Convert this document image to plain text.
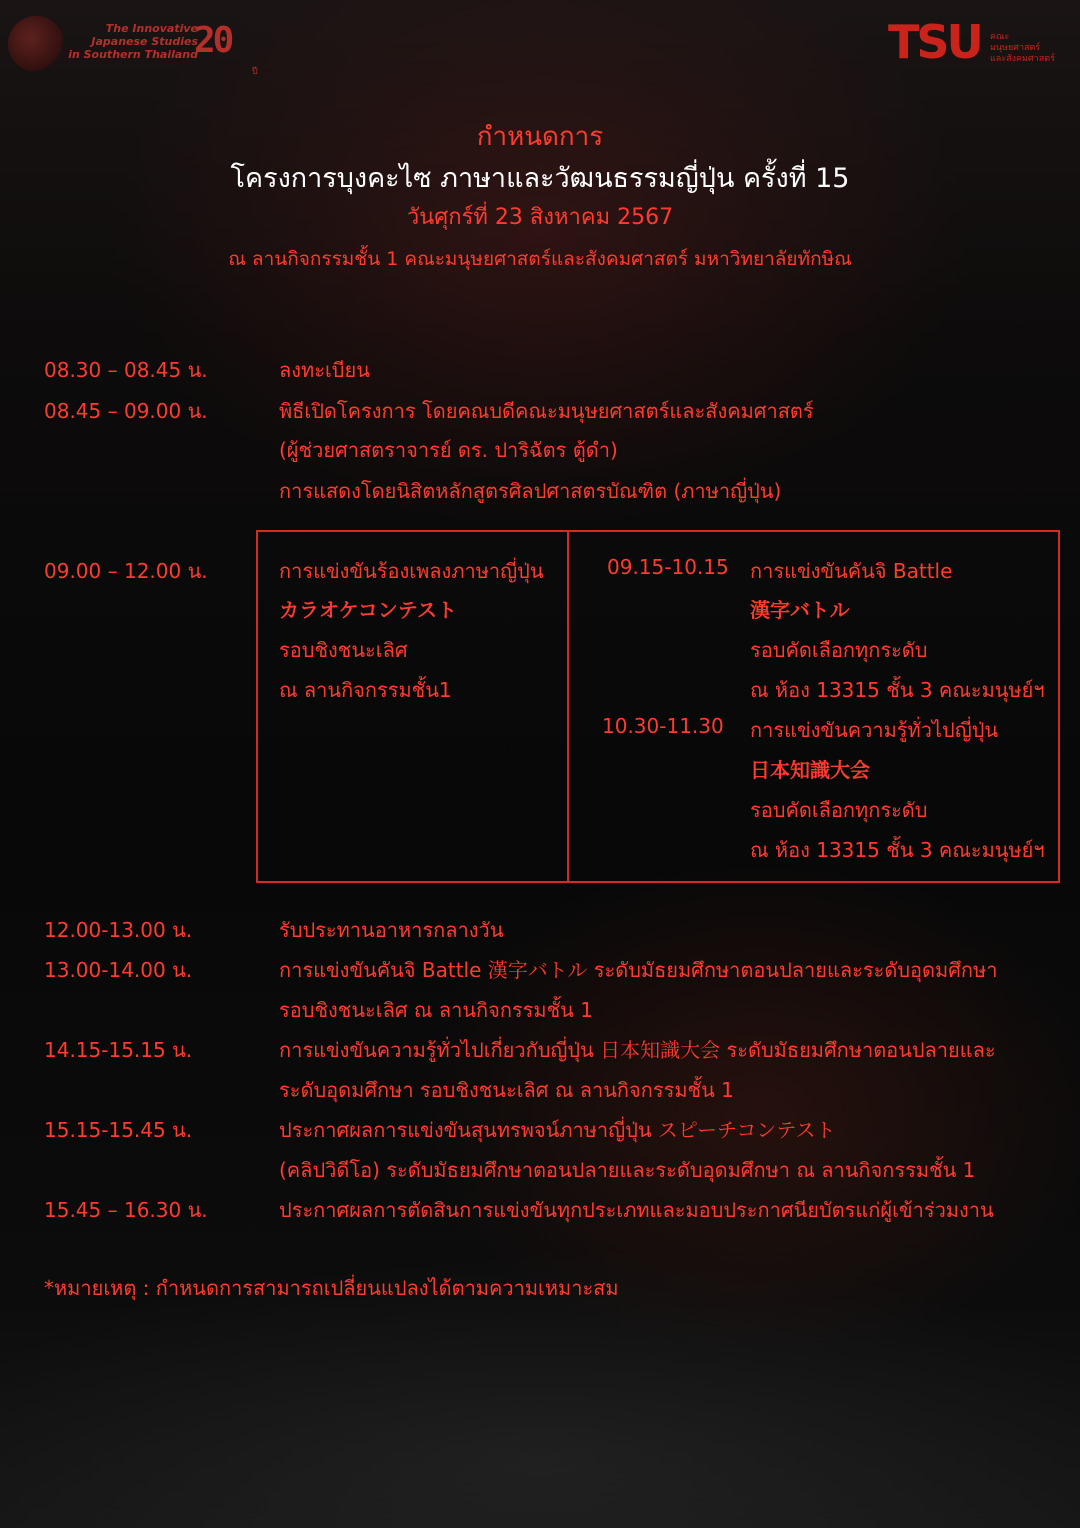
The Innovative
Japanese Studies
in Southern Thailand
20
ปี
TSU คณะ
มนุษยศาสตร์
และสังคมศาสตร์
กำหนดการ
โครงการบุงคะไซ ภาษาและวัฒนธรรมญี่ปุ่น ครั้งที่ 15
วันศุกร์ที่ 23 สิงหาคม 2567
ณ ลานกิจกรรมชั้น 1 คณะมนุษยศาสตร์และสังคมศาสตร์ มหาวิทยาลัยทักษิณ
08.30 – 08.45 น.	ลงทะเบียน
08.45 – 09.00 น.	พิธีเปิดโครงการ โดยคณบดีคณะมนุษยศาสตร์และสังคมศาสตร์
(ผู้ช่วยศาสตราจารย์ ดร. ปาริฉัตร ตู้ดำ)
การแสดงโดยนิสิตหลักสูตรศิลปศาสตรบัณฑิต (ภาษาญี่ปุ่น)
09.00 – 12.00 น.	การแข่งขันร้องเพลงภาษาญี่ปุ่น
カラオケコンテスト
รอบชิงชนะเลิศ
ณ ลานกิจกรรมชั้น1
09.15-10.15 การแข่งขันคันจิ Battle
漢字バトル
รอบคัดเลือกทุกระดับ
ณ ห้อง 13315 ชั้น 3 คณะมนุษย์ฯ
10.30-11.30 การแข่งขันความรู้ทั่วไปญี่ปุ่น
日本知識大会
รอบคัดเลือกทุกระดับ
ณ ห้อง 13315 ชั้น 3 คณะมนุษย์ฯ
12.00-13.00 น.	รับประทานอาหารกลางวัน
13.00-14.00 น.	การแข่งขันคันจิ Battle 漢字バトル ระดับมัธยมศึกษาตอนปลายและระดับอุดมศึกษา
รอบชิงชนะเลิศ ณ ลานกิจกรรมชั้น 1
14.15-15.15 น.	การแข่งขันความรู้ทั่วไปเกี่ยวกับญี่ปุ่น 日本知識大会 ระดับมัธยมศึกษาตอนปลายและ
ระดับอุดมศึกษา รอบชิงชนะเลิศ ณ ลานกิจกรรมชั้น 1
15.15-15.45 น.	ประกาศผลการแข่งขันสุนทรพจน์ภาษาญี่ปุ่น スピーチコンテスト
(คลิปวิดีโอ) ระดับมัธยมศึกษาตอนปลายและระดับอุดมศึกษา ณ ลานกิจกรรมชั้น 1
15.45 – 16.30 น.	ประกาศผลการตัดสินการแข่งขันทุกประเภทและมอบประกาศนียบัตรแก่ผู้เข้าร่วมงาน
*หมายเหตุ : กำหนดการสามารถเปลี่ยนแปลงได้ตามความเหมาะสม
